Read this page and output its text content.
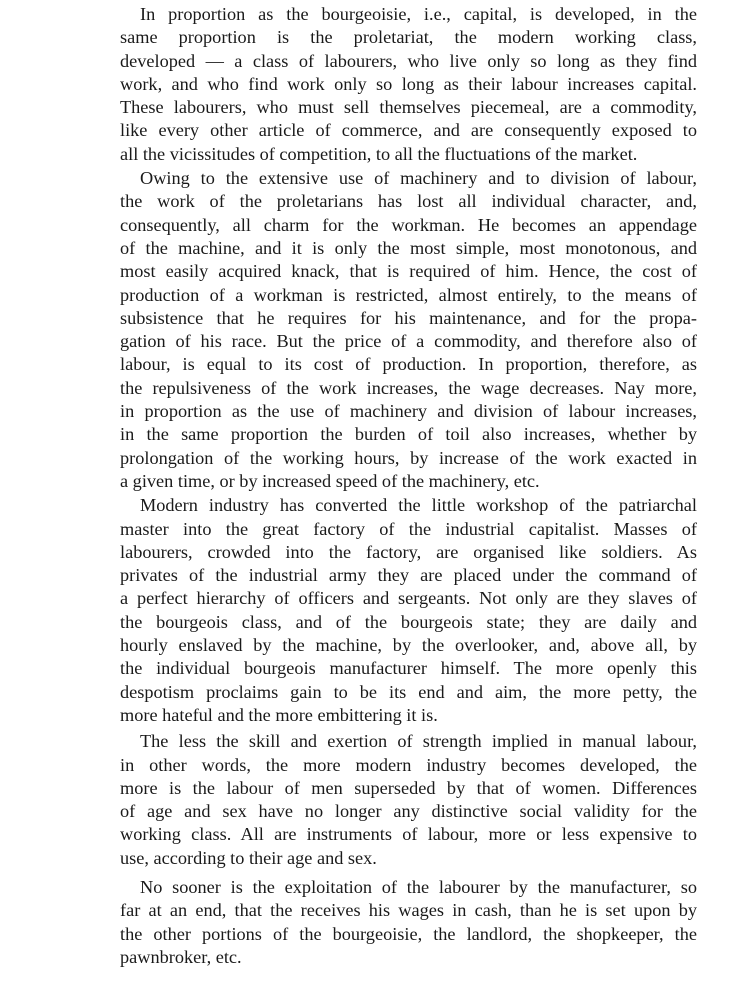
In proportion as the bourgeoisie, i.e., capital, is developed, in the
same proportion is the proletariat, the modern working class,
developed — a class of labourers, who live only so long as they find
work, and who find work only so long as their labour increases capital.
These labourers, who must sell themselves piecemeal, are a commodity,
like every other article of commerce, and are consequently exposed to
all the vicissitudes of competition, to all the fluctuations of the market.
Owing to the extensive use of machinery and to division of labour,
the work of the proletarians has lost all individual character, and,
consequently, all charm for the workman. He becomes an appendage
of the machine, and it is only the most simple, most monotonous, and
most easily acquired knack, that is required of him. Hence, the cost of
production of a workman is restricted, almost entirely, to the means of
subsistence that he requires for his maintenance, and for the propa-
gation of his race. But the price of a commodity, and therefore also of
labour, is equal to its cost of production. In proportion, therefore, as
the repulsiveness of the work increases, the wage decreases. Nay more,
in proportion as the use of machinery and division of labour increases,
in the same proportion the burden of toil also increases, whether by
prolongation of the working hours, by increase of the work exacted in
a given time, or by increased speed of the machinery, etc.
Modern industry has converted the little workshop of the patriarchal
master into the great factory of the industrial capitalist. Masses of
labourers, crowded into the factory, are organised like soldiers. As
privates of the industrial army they are placed under the command of
a perfect hierarchy of officers and sergeants. Not only are they slaves of
the bourgeois class, and of the bourgeois state; they are daily and
hourly enslaved by the machine, by the overlooker, and, above all, by
the individual bourgeois manufacturer himself. The more openly this
despotism proclaims gain to be its end and aim, the more petty, the
more hateful and the more embittering it is.
The less the skill and exertion of strength implied in manual labour,
in other words, the more modern industry becomes developed, the
more is the labour of men superseded by that of women. Differences
of age and sex have no longer any distinctive social validity for the
working class. All are instruments of labour, more or less expensive to
use, according to their age and sex.
No sooner is the exploitation of the labourer by the manufacturer, so
far at an end, that the receives his wages in cash, than he is set upon by
the other portions of the bourgeoisie, the landlord, the shopkeeper, the
pawnbroker, etc.
